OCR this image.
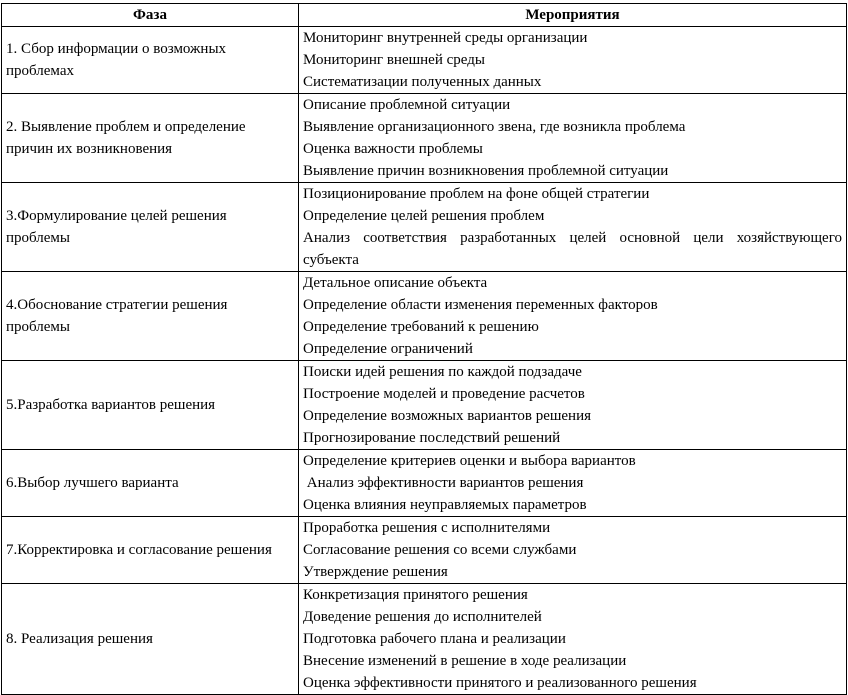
Фаза	Мероприятия
1. Сбор информации о возможных проблемах	Мониторинг внутренней среды организации
Мониторинг внешней среды
Систематизации полученных данных

2. Выявление проблем и определение причин их возникновения	Описание проблемной ситуации
Выявление организационного звена, где возникла проблема
Оценка важности проблемы
Выявление причин возникновения проблемной ситуации

3.Формулирование целей решения проблемы	Позиционирование проблем на фоне общей стратегии
Определение целей решения проблем
Анализ соответствия разработанных целей основной цели хозяйствующего субъекта

4.Обоснование стратегии решения проблемы	Детальное описание объекта
Определение области изменения переменных факторов
Определение требований к решению
Определение ограничений

5.Разработка вариантов решения	Поиски идей решения по каждой подзадаче
Построение моделей и проведение расчетов
Определение возможных вариантов решения
Прогнозирование последствий решений

6.Выбор лучшего варианта	Определение критериев оценки и выбора вариантов
Анализ эффективности вариантов решения
Оценка влияния неуправляемых параметров

7.Корректировка и согласование решения	Проработка решения с исполнителями
Согласование решения со всеми службами
Утверждение решения

8. Реализация решения	Конкретизация принятого решения
Доведение решения до исполнителей
Подготовка рабочего плана и реализации
Внесение изменений в решение в ходе реализации
Оценка эффективности принятого и реализованного решения
